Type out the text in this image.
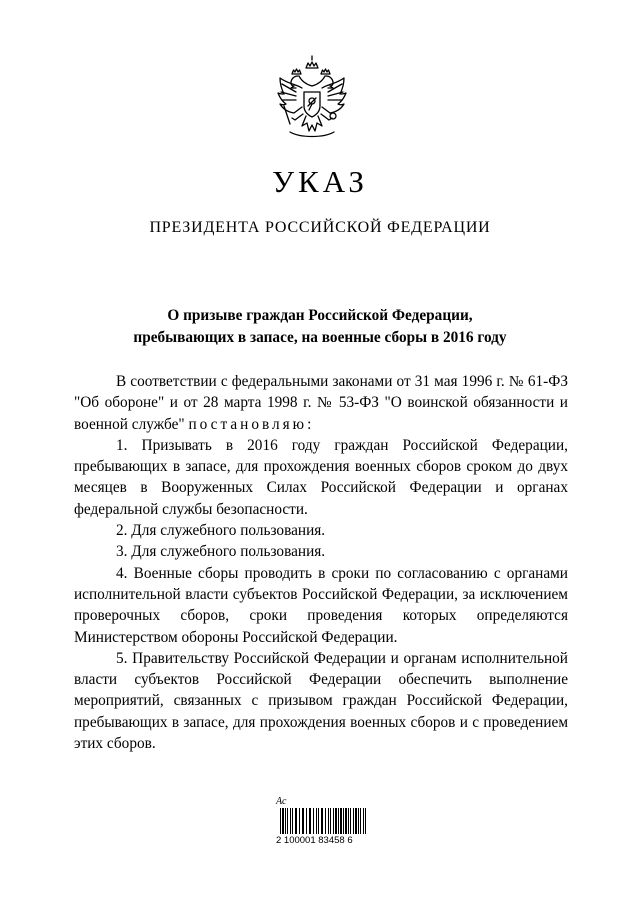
УКАЗ
ПРЕЗИДЕНТА РОССИЙСКОЙ ФЕДЕРАЦИИ
О призыве граждан Российской Федерации,
пребывающих в запасе, на военные сборы в 2016 году

В соответствии с федеральными законами от 31 мая 1996 г. № 61-ФЗ "Об обороне" и от 28 марта 1998 г. № 53-ФЗ "О воинской обязанности и военной службе" постановляю:

1. Призывать в 2016 году граждан Российской Федерации, пребывающих в запасе, для прохождения военных сборов сроком до двух месяцев в Вооруженных Силах Российской Федерации и органах федеральной службы безопасности.

2. Для служебного пользования.

3. Для служебного пользования.

4. Военные сборы проводить в сроки по согласованию с органами исполнительной власти субъектов Российской Федерации, за исключением проверочных сборов, сроки проведения которых определяются Министерством обороны Российской Федерации.

5. Правительству Российской Федерации и органам исполнительной власти субъектов Российской Федерации обеспечить выполнение мероприятий, связанных с призывом граждан Российской Федерации, пребывающих в запасе, для прохождения военных сборов и с проведением этих сборов.

Ас
2 100001 83458 6
